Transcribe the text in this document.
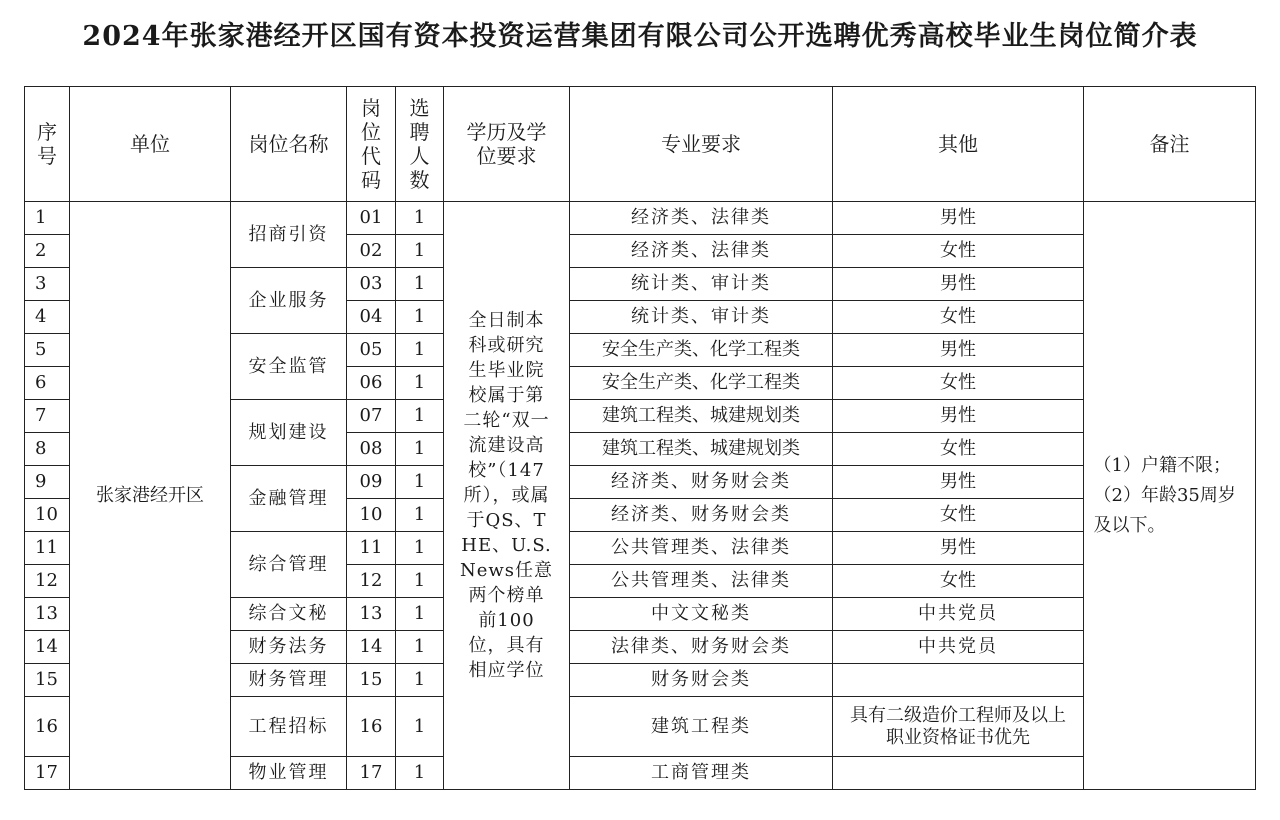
2024年张家港经开区国有资本投资运营集团有限公司公开选聘优秀高校毕业生岗位简介表
序号	单位	岗位名称	岗位代码	选聘人数	学历及学位要求	专业要求	其他	备注
1	张家港经开区	招商引资	01	1	全日制本科或研究生毕业院校属于第二轮“双一流建设高校”（147所），或属于QS、THE、U.S.News任意两个榜单前100位，具有相应学位	经济类、法律类	男性	（1）户籍不限；（2）年龄35周岁及以下。

2			02	1		经济类、法律类	女性	
3		企业服务	03	1		统计类、审计类	男性	
4			04	1		统计类、审计类	女性	
5		安全监管	05	1		安全生产类、化学工程类	男性	
6			06	1		安全生产类、化学工程类	女性	
7		规划建设	07	1		建筑工程类、城建规划类	男性	
8			08	1		建筑工程类、城建规划类	女性	
9		金融管理	09	1		经济类、财务财会类	男性	
10			10	1		经济类、财务财会类	女性	
11		综合管理	11	1		公共管理类、法律类	男性	
12			12	1		公共管理类、法律类	女性	
13		综合文秘	13	1		中文文秘类	中共党员	
14		财务法务	14	1		法律类、财务财会类	中共党员	
15		财务管理	15	1		财务财会类		
16		工程招标	16	1		建筑工程类	具有二级造价工程师及以上职业资格证书优先	

17		物业管理	17	1		工商管理类		
